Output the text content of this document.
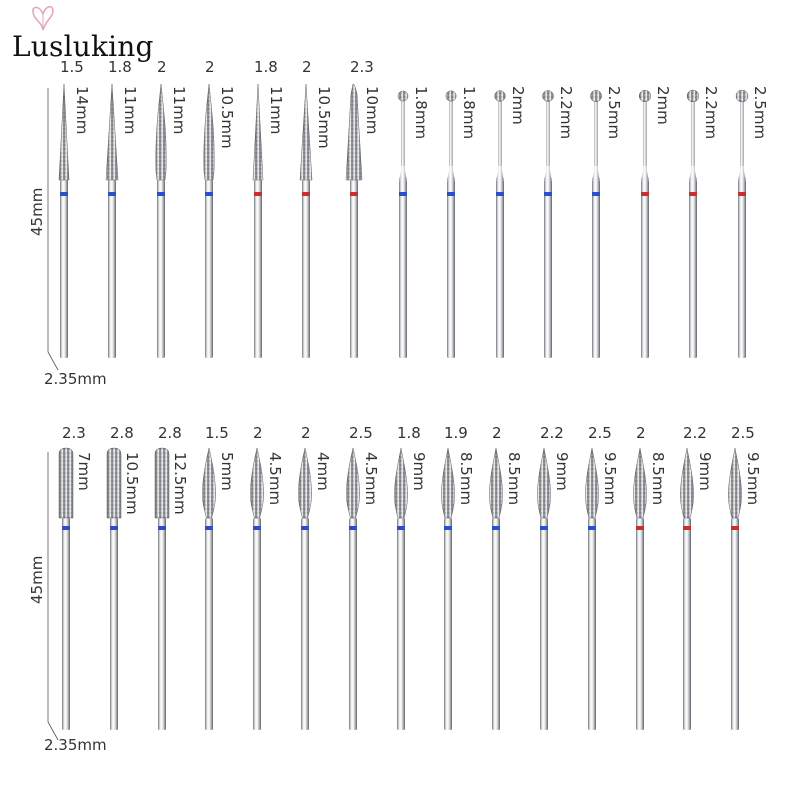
45mm
2.35mm
1.5
14mm
1.8
11mm
2
11mm
2
10.5mm
1.8
11mm
2
10.5mm
2.3
10mm 1.8mm 1.8mm 2mm 2.2mm 2.5mm 2mm 2.2mm 2.5mm
45mm
2.35mm
2.3
7mm
2.8
10.5mm
2.8
12.5mm
1.5
5mm
2
4.5mm
2
4mm
2.5
4.5mm
1.8
9mm
1.9
8.5mm
2
8.5mm
2.2
9mm
2.5
9.5mm
2
8.5mm
2.2
9mm
2.5
9.5mm
Lusluking
